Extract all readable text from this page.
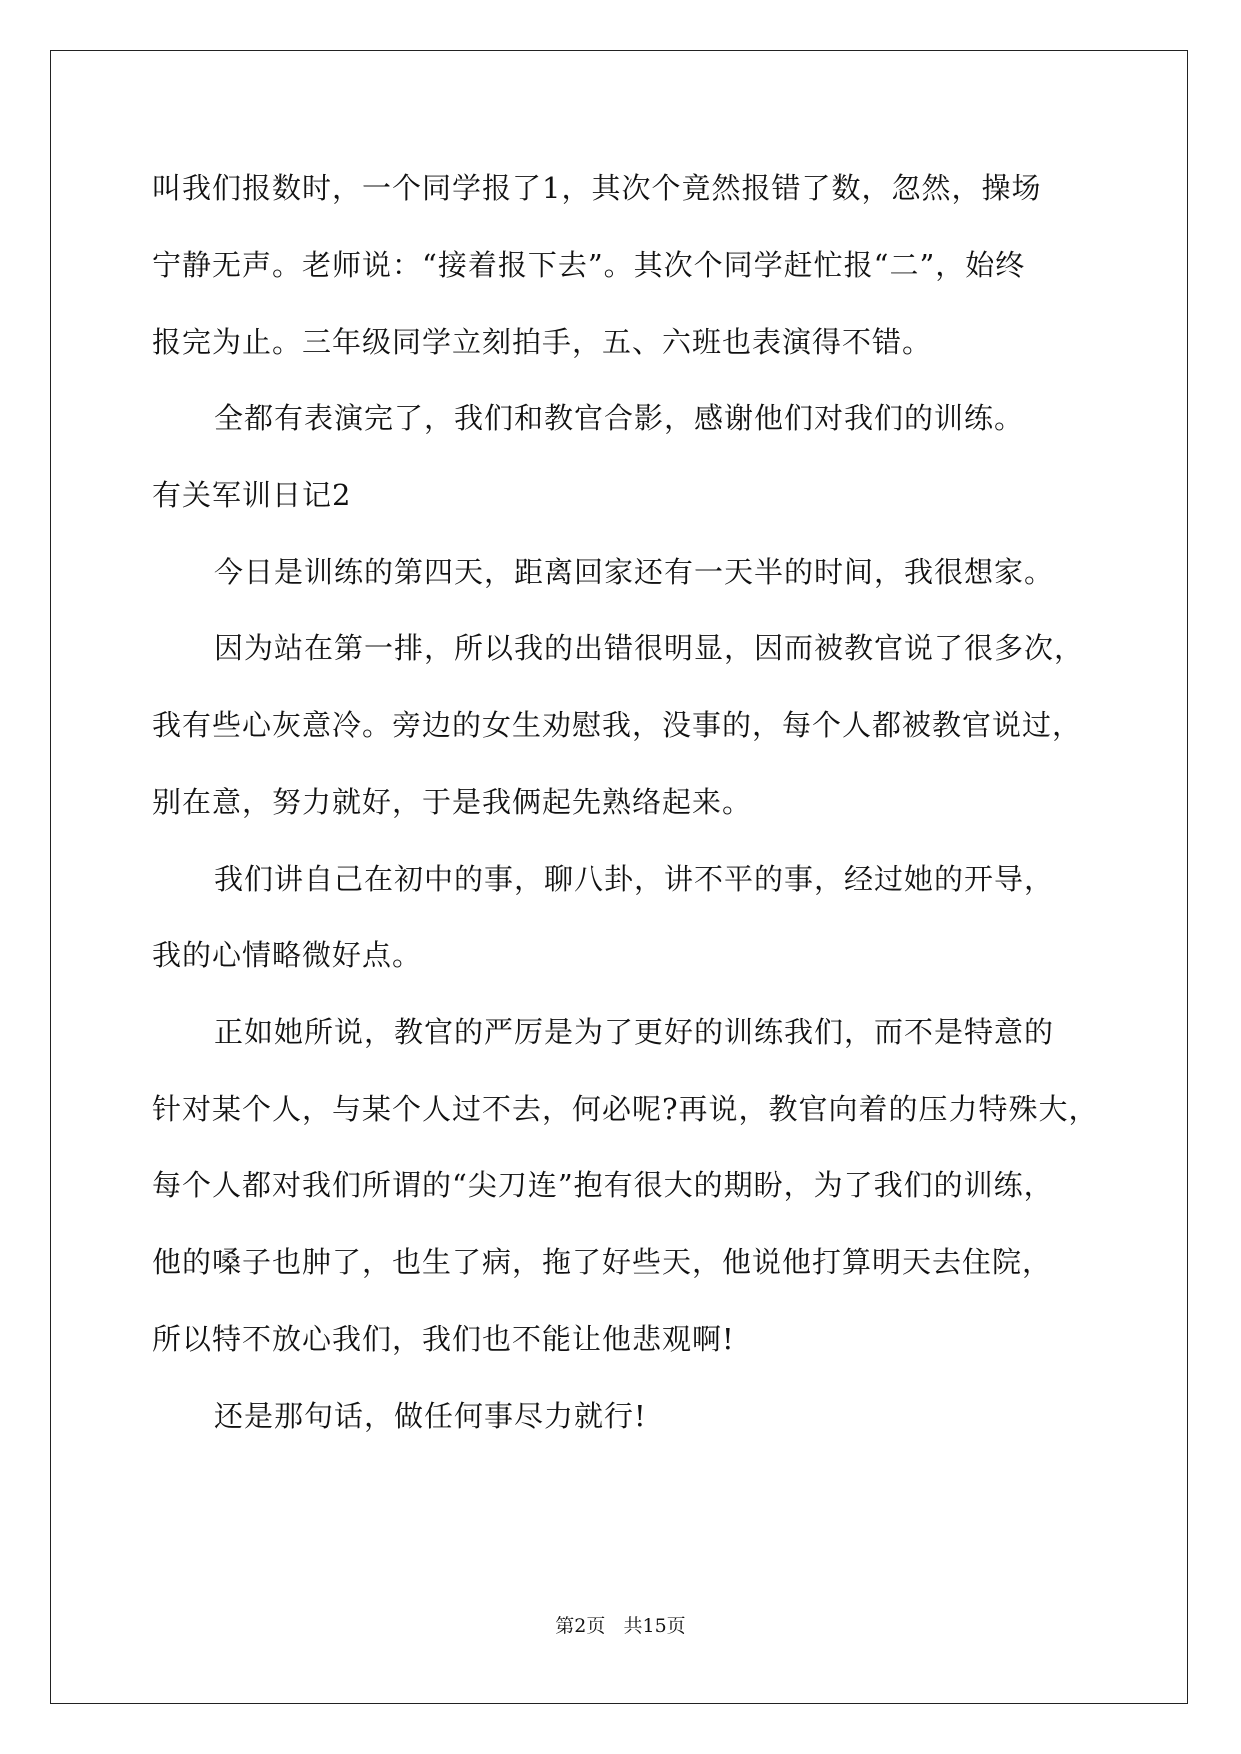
叫我们报数时，一个同学报了1，其次个竟然报错了数，忽然，操场
宁静无声。老师说：“接着报下去”。其次个同学赶忙报“二”，始终
报完为止。三年级同学立刻拍手，五、六班也表演得不错。
全都有表演完了，我们和教官合影，感谢他们对我们的训练。
有关军训日记2
今日是训练的第四天，距离回家还有一天半的时间，我很想家。
因为站在第一排，所以我的出错很明显，因而被教官说了很多次，
我有些心灰意冷。旁边的女生劝慰我，没事的，每个人都被教官说过，
别在意，努力就好，于是我俩起先熟络起来。
我们讲自己在初中的事，聊八卦，讲不平的事，经过她的开导，
我的心情略微好点。
正如她所说，教官的严厉是为了更好的训练我们，而不是特意的
针对某个人，与某个人过不去，何必呢?再说，教官向着的压力特殊大，
每个人都对我们所谓的“尖刀连”抱有很大的期盼，为了我们的训练，
他的嗓子也肿了，也生了病，拖了好些天，他说他打算明天去住院，
所以特不放心我们，我们也不能让他悲观啊!
还是那句话，做任何事尽力就行!
第2页   共15页
